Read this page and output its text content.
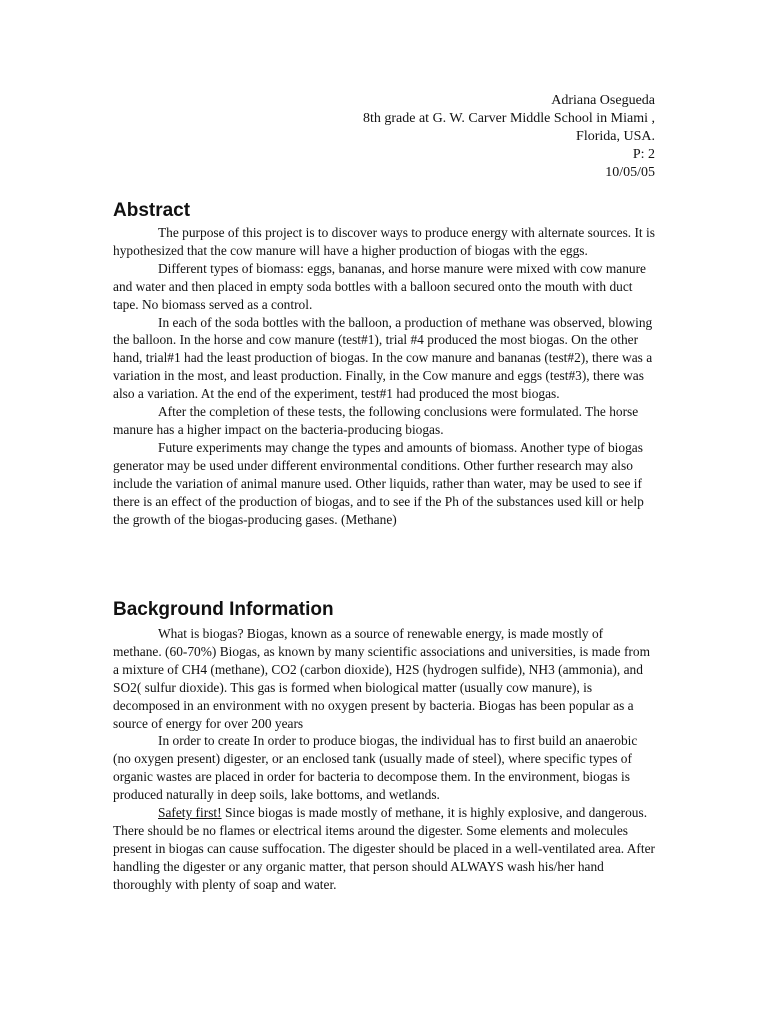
Adriana Osegueda
8th grade at G. W. Carver Middle School in Miami ,
Florida, USA.
P: 2
10/05/05
Abstract

The purpose of this project is to discover ways to produce energy with alternate sources. It is hypothesized that the cow manure will have a higher production of biogas with the eggs.

Different types of biomass: eggs, bananas, and horse manure were mixed with cow manure and water and then placed in empty soda bottles with a balloon secured onto the mouth with duct tape. No biomass served as a control.

In each of the soda bottles with the balloon, a production of methane was observed, blowing the balloon. In the horse and cow manure (test#1), trial #4 produced the most biogas. On the other hand, trial#1 had the least production of biogas. In the cow manure and bananas (test#2), there was a variation in the most, and least production. Finally, in the Cow manure and eggs (test#3), there was also a variation. At the end of the experiment, test#1 had produced the most biogas.

After the completion of these tests, the following conclusions were formulated. The horse manure has a higher impact on the bacteria-producing biogas.

Future experiments may change the types and amounts of biomass. Another type of biogas generator may be used under different environmental conditions. Other further research may also include the variation of animal manure used. Other liquids, rather than water, may be used to see if there is an effect of the production of biogas, and to see if the Ph of the substances used kill or help the growth of the biogas-producing gases. (Methane)

Background Information

What is biogas? Biogas, known as a source of renewable energy, is made mostly of methane. (60-70%) Biogas, as known by many scientific associations and universities, is made from a mixture of CH4 (methane), CO2 (carbon dioxide), H2S (hydrogen sulfide), NH3 (ammonia), and SO2( sulfur dioxide). This gas is formed when biological matter (usually cow manure), is decomposed in an environment with no oxygen present by bacteria. Biogas has been popular as a source of energy for over 200 years

In order to create In order to produce biogas, the individual has to first build an anaerobic (no oxygen present) digester, or an enclosed tank (usually made of steel), where specific types of organic wastes are placed in order for bacteria to decompose them. In the environment, biogas is produced naturally in deep soils, lake bottoms, and wetlands.

Safety first! Since biogas is made mostly of methane, it is highly explosive, and dangerous. There should be no flames or electrical items around the digester. Some elements and molecules present in biogas can cause suffocation. The digester should be placed in a well-ventilated area. After handling the digester or any organic matter, that person should ALWAYS wash his/her hand thoroughly with plenty of soap and water.
